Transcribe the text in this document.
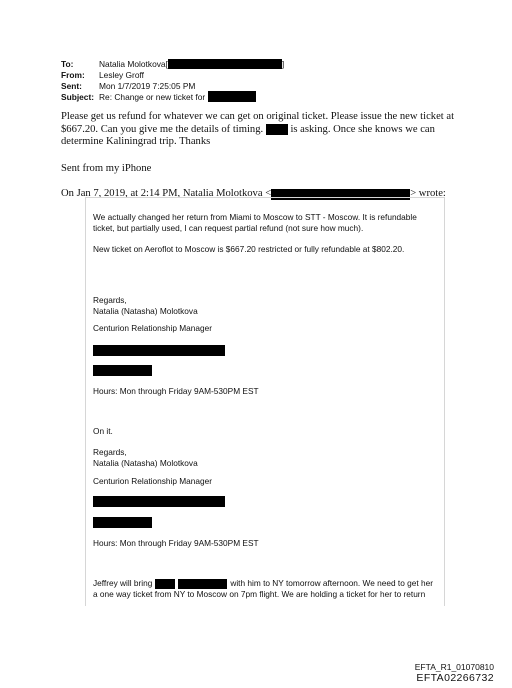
To:	Natalia Molotkova[	]
From:	Lesley Groff
Sent:	Mon 1/7/2019 7:25:05 PM
Subject: Re: Change or new ticket for

Please get us refund for whatever we can get on original ticket. Please issue the new ticket at
$667.20. Can you give me the details of timing.	is asking. Once she knows we can
determine Kaliningrad trip. Thanks

Sent from my iPhone

On Jan 7, 2019, at 2:14 PM, Natalia Molotkova <	> wrote:

We actually changed her return from Miami to Moscow to STT - Moscow. It is refundable ticket, but partially used, I can request partial refund (not sure how much).

New ticket on Aeroflot to Moscow is $667.20 restricted or fully refundable at $802.20.

Regards,
Natalia (Natasha) Molotkova

Centurion Relationship Manager

Hours: Mon through Friday 9AM-530PM EST

On it.

Regards,
Natalia (Natasha) Molotkova

Centurion Relationship Manager

Hours: Mon through Friday 9AM-530PM EST

Jeffrey will bring	with him to NY tomorrow afternoon. We need to get her
a one way ticket from NY to Moscow on 7pm flight. We are holding a ticket for her to return

EFTA_R1_01070810
EFTA02266732
